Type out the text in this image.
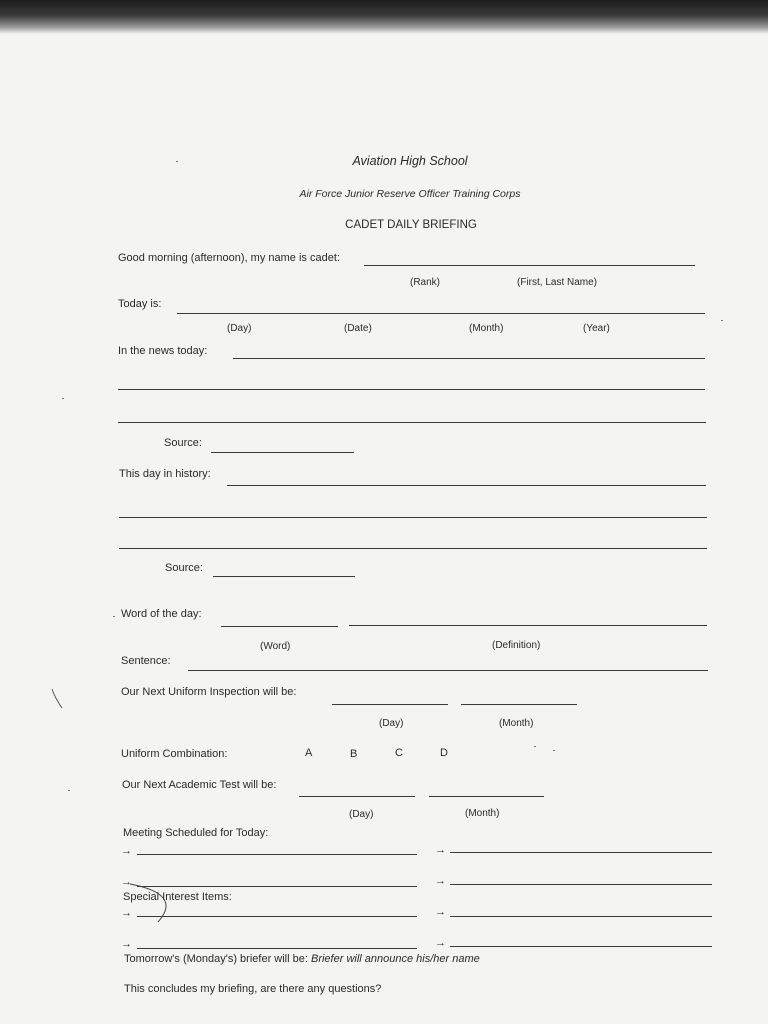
Aviation High School
Air Force Junior Reserve Officer Training Corps
CADET DAILY BRIEFING
Good morning (afternoon), my name is cadet:
(Rank)	(First, Last Name)
Today is:
(Day)	(Date)	(Month)	(Year)
In the news today:
Source:
This day in history:
Source:
Word of the day:
(Word)	(Definition)
Sentence:
Our Next Uniform Inspection will be:
(Day)	(Month)
Uniform Combination:	A	B	C	D
Our Next Academic Test will be:
(Day)	(Month)
Meeting Scheduled for Today:
→	→
→	→
Special Interest Items:
→	→
→	→
Tomorrow's (Monday's) briefer will be: Briefer will announce his/her name
This concludes my briefing, are there any questions?
